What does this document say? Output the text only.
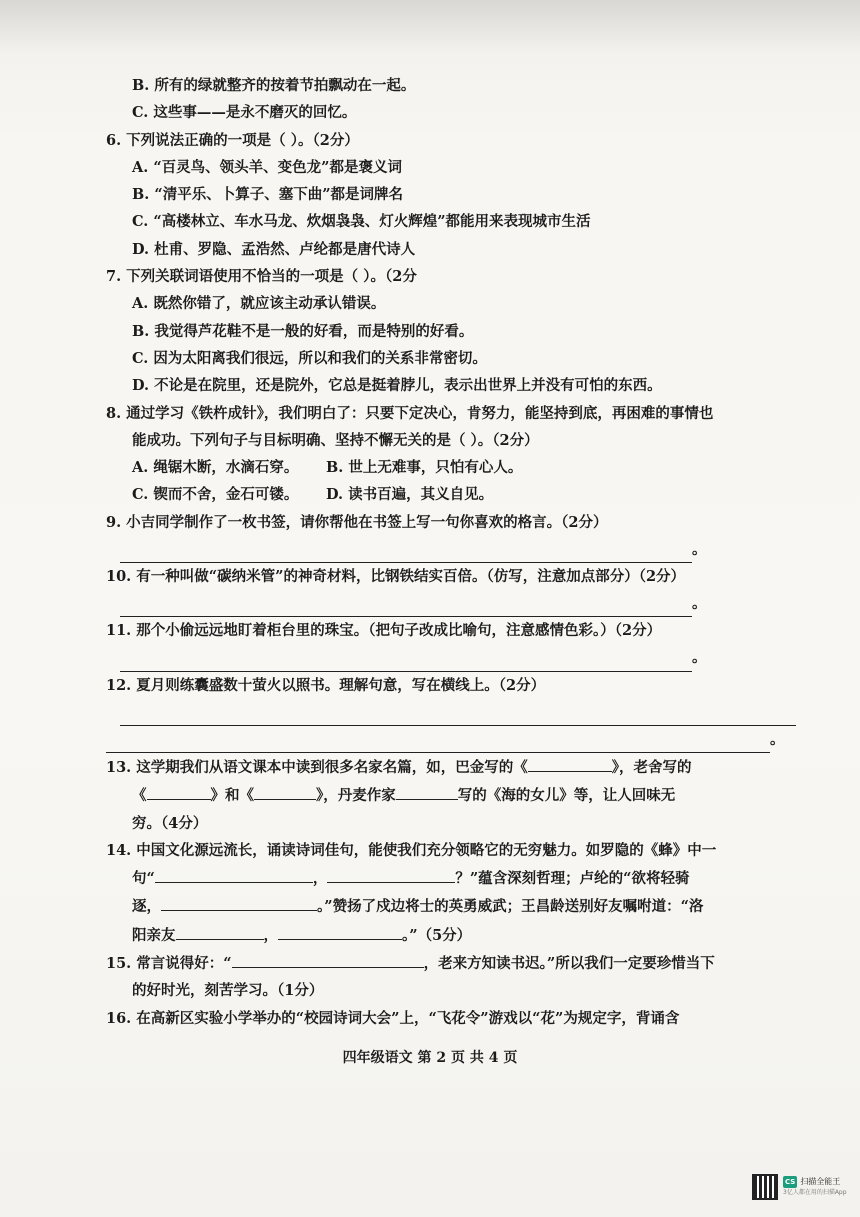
B. 所有的绿就整齐的按着节拍飘动在一起。
C. 这些事——是永不磨灭的回忆。
6. 下列说法正确的一项是（ ）。（2分）
A. “百灵鸟、领头羊、变色龙”都是褒义词
B. “清平乐、卜算子、塞下曲”都是词牌名
C. “高楼林立、车水马龙、炊烟袅袅、灯火辉煌”都能用来表现城市生活
D. 杜甫、罗隐、孟浩然、卢纶都是唐代诗人
7. 下列关联词语使用不恰当的一项是（ ）。（2分
A. 既然你错了，就应该主动承认错误。
B. 我觉得芦花鞋不是一般的好看，而是特别的好看。
C. 因为太阳离我们很远，所以和我们的关系非常密切。
D. 不论是在院里，还是院外，它总是挺着脖儿，表示出世界上并没有可怕的东西。
8. 通过学习《铁杵成针》，我们明白了：只要下定决心，肯努力，能坚持到底，再困难的事情也
能成功。下列句子与目标明确、坚持不懈无关的是（ ）。（2分）
A. 绳锯木断，水滴石穿。	B. 世上无难事，只怕有心人。
C. 锲而不舍，金石可镂。	D. 读书百遍，其义自见。
9. 小吉同学制作了一枚书签，请你帮他在书签上写一句你喜欢的格言。（2分）
。
10. 有一种叫做“碳纳米管”的神奇材料，比钢铁结实百倍。（仿写，注意加点部分）（2分）
。
11. 那个小偷远远地盯着柜台里的珠宝。（把句子改成比喻句，注意感情色彩。）（2分）
。
12. 夏月则练囊盛数十萤火以照书。理解句意，写在横线上。（2分）
。
13. 这学期我们从语文课本中读到很多名家名篇，如，巴金写的《	》，老舍写的
《	》和《	》，丹麦作家	写的《海的女儿》等，让人回味无
穷。（4分）
14. 中国文化源远流长，诵读诗词佳句，能使我们充分领略它的无穷魅力。如罗隐的《蜂》中一
句“	，	？”蕴含深刻哲理；卢纶的“欲将轻骑
逐，	。”赞扬了戍边将士的英勇威武；王昌龄送别好友嘱咐道：“洛
阳亲友	，	。”（5分）
15. 常言说得好：“	，老来方知读书迟。”所以我们一定要珍惜当下
的好时光，刻苦学习。（1分）
16. 在高新区实验小学举办的“校园诗词大会”上，“飞花令”游戏以“花”为规定字，背诵含
四年级语文 第 2 页 共 4 页
CS 扫描全能王
3亿人都在用的扫描App
